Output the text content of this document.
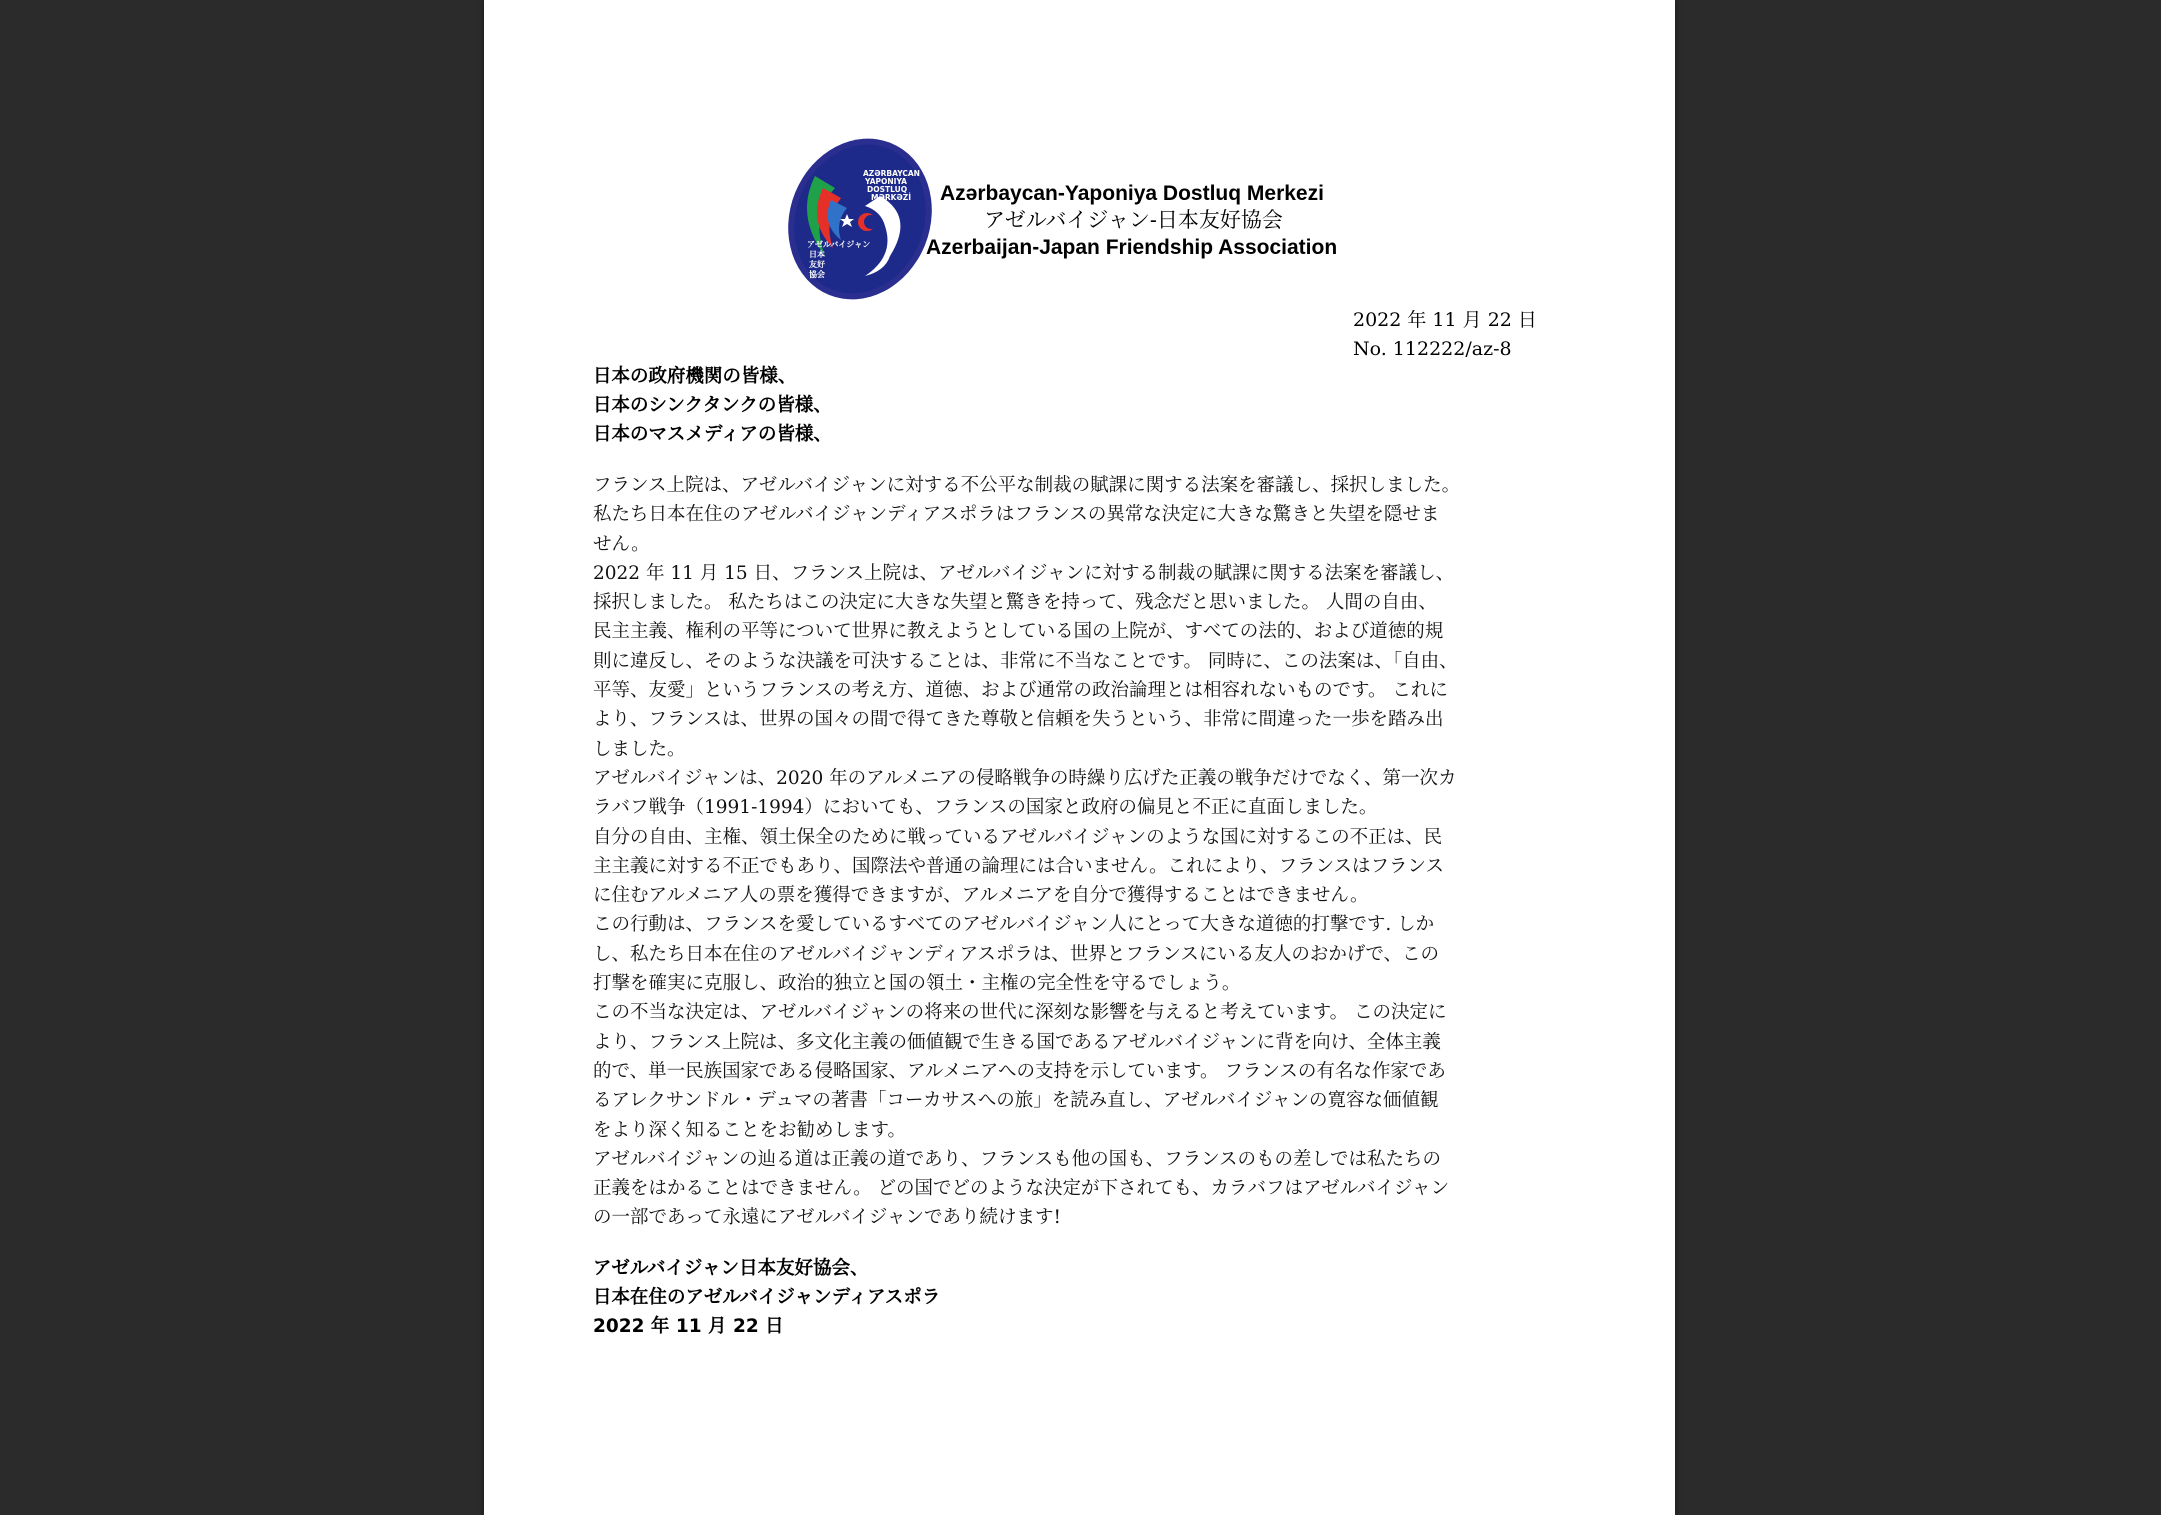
AZƏRBAYCAN
YAPONIYA
DOSTLUQ
MƏRKƏZİ
アゼルバイジャン
日本
友好
協会
Azərbaycan-Yaponiya Dostluq Merkezi
アゼルバイジャン-日本友好協会
Azerbaijan-Japan Friendship Association
2022 年 11 月 22 日
No. 112222/az-8
日本の政府機関の皆様、
日本のシンクタンクの皆様、
日本のマスメディアの皆様、

フランス上院は、アゼルバイジャンに対する不公平な制裁の賦課に関する法案を審議し、採択しました。

私たち日本在住のアゼルバイジャンディアスポラはフランスの異常な決定に大きな驚きと失望を隠せま

せん。

2022 年 11 月 15 日、フランス上院は、アゼルバイジャンに対する制裁の賦課に関する法案を審議し、

採択しました。 私たちはこの決定に大きな失望と驚きを持って、残念だと思いました。 人間の自由、

民主主義、権利の平等について世界に教えようとしている国の上院が、すべての法的、および道徳的規

則に違反し、そのような決議を可決することは、非常に不当なことです。 同時に、この法案は、「自由、

平等、友愛」というフランスの考え方、道徳、および通常の政治論理とは相容れないものです。 これに

より、フランスは、世界の国々の間で得てきた尊敬と信頼を失うという、非常に間違った一歩を踏み出

しました。

アゼルバイジャンは、2020 年のアルメニアの侵略戦争の時繰り広げた正義の戦争だけでなく、第一次カ

ラバフ戦争（1991-1994）においても、フランスの国家と政府の偏見と不正に直面しました。

自分の自由、主権、領土保全のために戦っているアゼルバイジャンのような国に対するこの不正は、民

主主義に対する不正でもあり、国際法や普通の論理には合いません。これにより、フランスはフランス

に住むアルメニア人の票を獲得できますが、アルメニアを自分で獲得することはできません。

この行動は、フランスを愛しているすべてのアゼルバイジャン人にとって大きな道徳的打撃です. しか

し、私たち日本在住のアゼルバイジャンディアスポラは、世界とフランスにいる友人のおかげで、この

打撃を確実に克服し、政治的独立と国の領土・主権の完全性を守るでしょう。

この不当な決定は、アゼルバイジャンの将来の世代に深刻な影響を与えると考えています。 この決定に

より、フランス上院は、多文化主義の価値観で生きる国であるアゼルバイジャンに背を向け、全体主義

的で、単一民族国家である侵略国家、アルメニアへの支持を示しています。 フランスの有名な作家であ

るアレクサンドル・デュマの著書「コーカサスへの旅」を読み直し、アゼルバイジャンの寛容な価値観

をより深く知ることをお勧めします。

アゼルバイジャンの辿る道は正義の道であり、フランスも他の国も、フランスのもの差しでは私たちの

正義をはかることはできません。 どの国でどのような決定が下されても、カラバフはアゼルバイジャン

の一部であって永遠にアゼルバイジャンであり続けます!

アゼルバイジャン日本友好協会、
日本在住のアゼルバイジャンディアスポラ
2022 年 11 月 22 日
